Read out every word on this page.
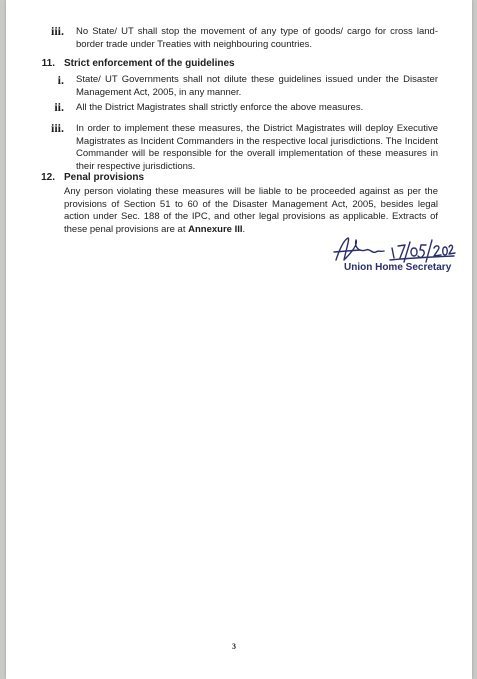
iii. No State/ UT shall stop the movement of any type of goods/ cargo for cross land-border trade under Treaties with neighbouring countries.
11. Strict enforcement of the guidelines
i. State/ UT Governments shall not dilute these guidelines issued under the Disaster Management Act, 2005, in any manner.
ii. All the District Magistrates shall strictly enforce the above measures.
iii. In order to implement these measures, the District Magistrates will deploy Executive Magistrates as Incident Commanders in the respective local jurisdictions. The Incident Commander will be responsible for the overall implementation of these measures in their respective jurisdictions.
12. Penal provisions
Any person violating these measures will be liable to be proceeded against as per the provisions of Section 51 to 60 of the Disaster Management Act, 2005, besides legal action under Sec. 188 of the IPC, and other legal provisions as applicable. Extracts of these penal provisions are at Annexure III.
Union Home Secretary
3
